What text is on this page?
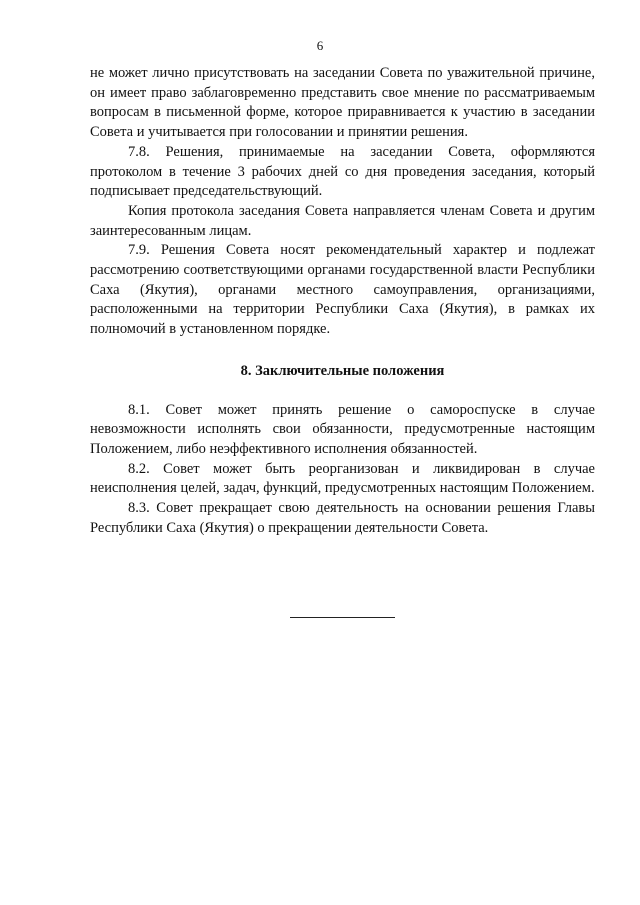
6

не может лично присутствовать на заседании Совета по уважительной причине, он имеет право заблаговременно представить свое мнение по рассматриваемым вопросам в письменной форме, которое приравнивается к участию в заседании Совета и учитывается при голосовании и принятии решения.

7.8. Решения, принимаемые на заседании Совета, оформляются протоколом в течение 3 рабочих дней со дня проведения заседания, который подписывает председательствующий.

Копия протокола заседания Совета направляется членам Совета и другим заинтересованным лицам.

7.9. Решения Совета носят рекомендательный характер и подлежат рассмотрению соответствующими органами государственной власти Республики Саха (Якутия), органами местного самоуправления, организациями, расположенными на территории Республики Саха (Якутия), в рамках их полномочий в установленном порядке.

8. Заключительные положения

8.1. Совет может принять решение о самороспуске в случае невозможности исполнять свои обязанности, предусмотренные настоящим Положением, либо неэффективного исполнения обязанностей.

8.2. Совет может быть реорганизован и ликвидирован в случае неисполнения целей, задач, функций, предусмотренных настоящим Положением.

8.3. Совет прекращает свою деятельность на основании решения Главы Республики Саха (Якутия) о прекращении деятельности Совета.
